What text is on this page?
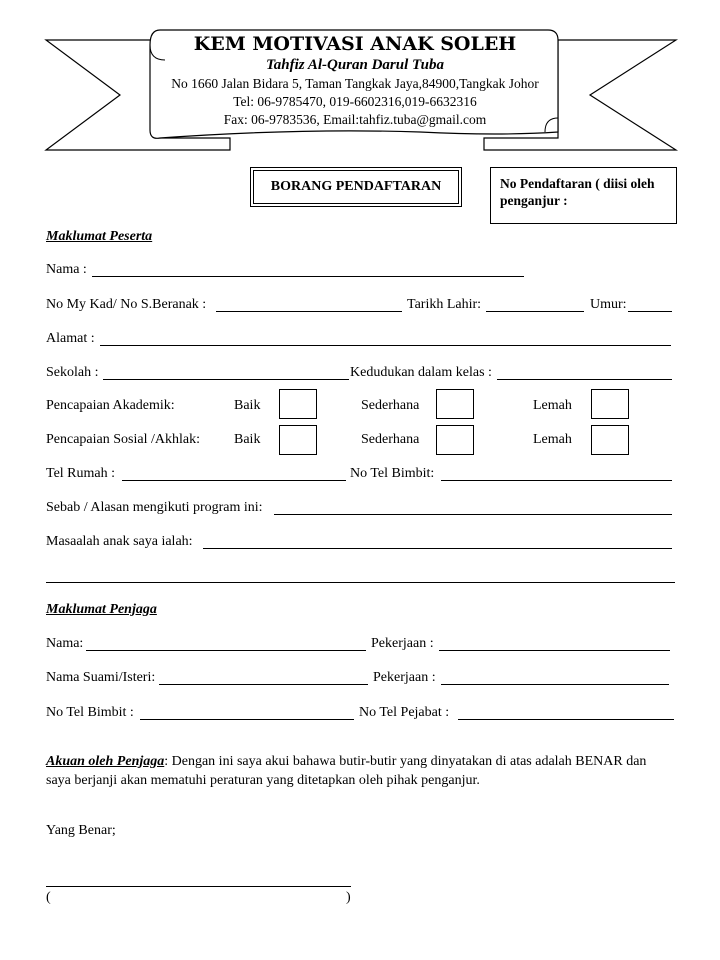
KEM MOTIVASI ANAK SOLEH
Tahfiz Al-Quran Darul Tuba
No 1660 Jalan Bidara 5, Taman Tangkak Jaya,84900,Tangkak Johor
Tel: 06-9785470, 019-6602316,019-6632316
Fax: 06-9783536, Email:tahfiz.tuba@gmail.com
BORANG PENDAFTARAN	No Pendaftaran ( diisi oleh penganjur :
Maklumat Peserta
Nama :
No My Kad/ No S.Beranak :	Tarikh Lahir:	Umur:
Alamat :
Sekolah :	Kedudukan dalam kelas :
Pencapaian Akademik:	Baik	Sederhana	Lemah
Pencapaian Sosial /Akhlak: Baik	Sederhana	Lemah
Tel Rumah :	No Tel Bimbit:
Sebab / Alasan mengikuti program ini:
Masaalah anak saya ialah:
Maklumat Penjaga
Nama:	Pekerjaan :
Nama Suami/Isteri:	Pekerjaan :
No Tel Bimbit :	No Tel Pejabat :
Akuan oleh Penjaga: Dengan ini saya akui bahawa butir-butir yang dinyatakan di atas adalah BENAR dan
saya berjanji akan mematuhi peraturan yang ditetapkan oleh pihak penganjur.
Yang Benar;
(	)
